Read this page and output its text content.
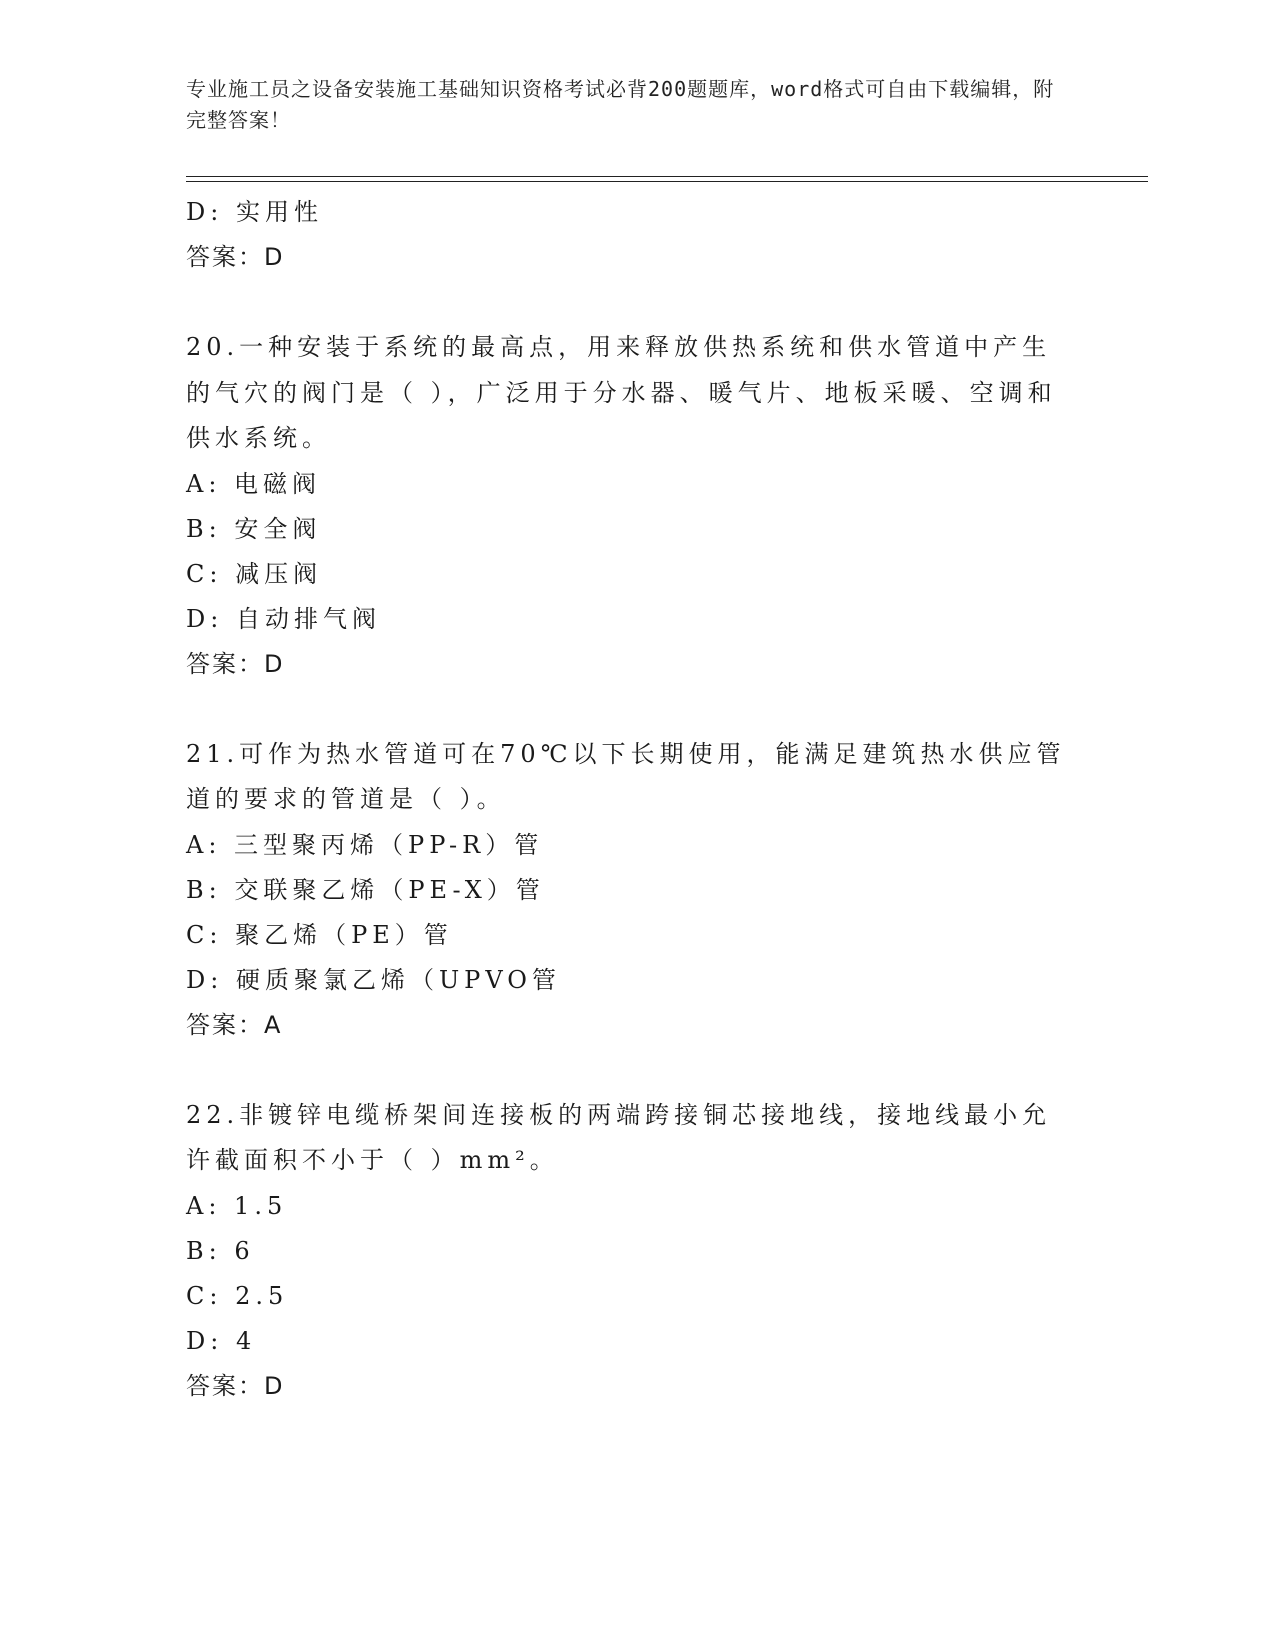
专业施工员之设备安装施工基础知识资格考试必背200题题库，word格式可自由下载编辑，附完整答案！
D: 实用性
答案：D
20.一种安装于系统的最高点，用来释放供热系统和供水管道中产生的气穴的阀门是（ ），广泛用于分水器、暖气片、地板采暖、空调和供水系统。
A: 电磁阀
B: 安全阀
C: 减压阀
D: 自动排气阀
答案：D
21.可作为热水管道可在70℃以下长期使用，能满足建筑热水供应管道的要求的管道是（ ）。
A: 三型聚丙烯（PP-R）管
B: 交联聚乙烯（PE-X）管
C: 聚乙烯（PE）管
D: 硬质聚氯乙烯（UPVO管
答案：A
22.非镀锌电缆桥架间连接板的两端跨接铜芯接地线，接地线最小允许截面积不小于（ ）mm²。
A: 1.5
B: 6
C: 2.5
D: 4
答案：D
